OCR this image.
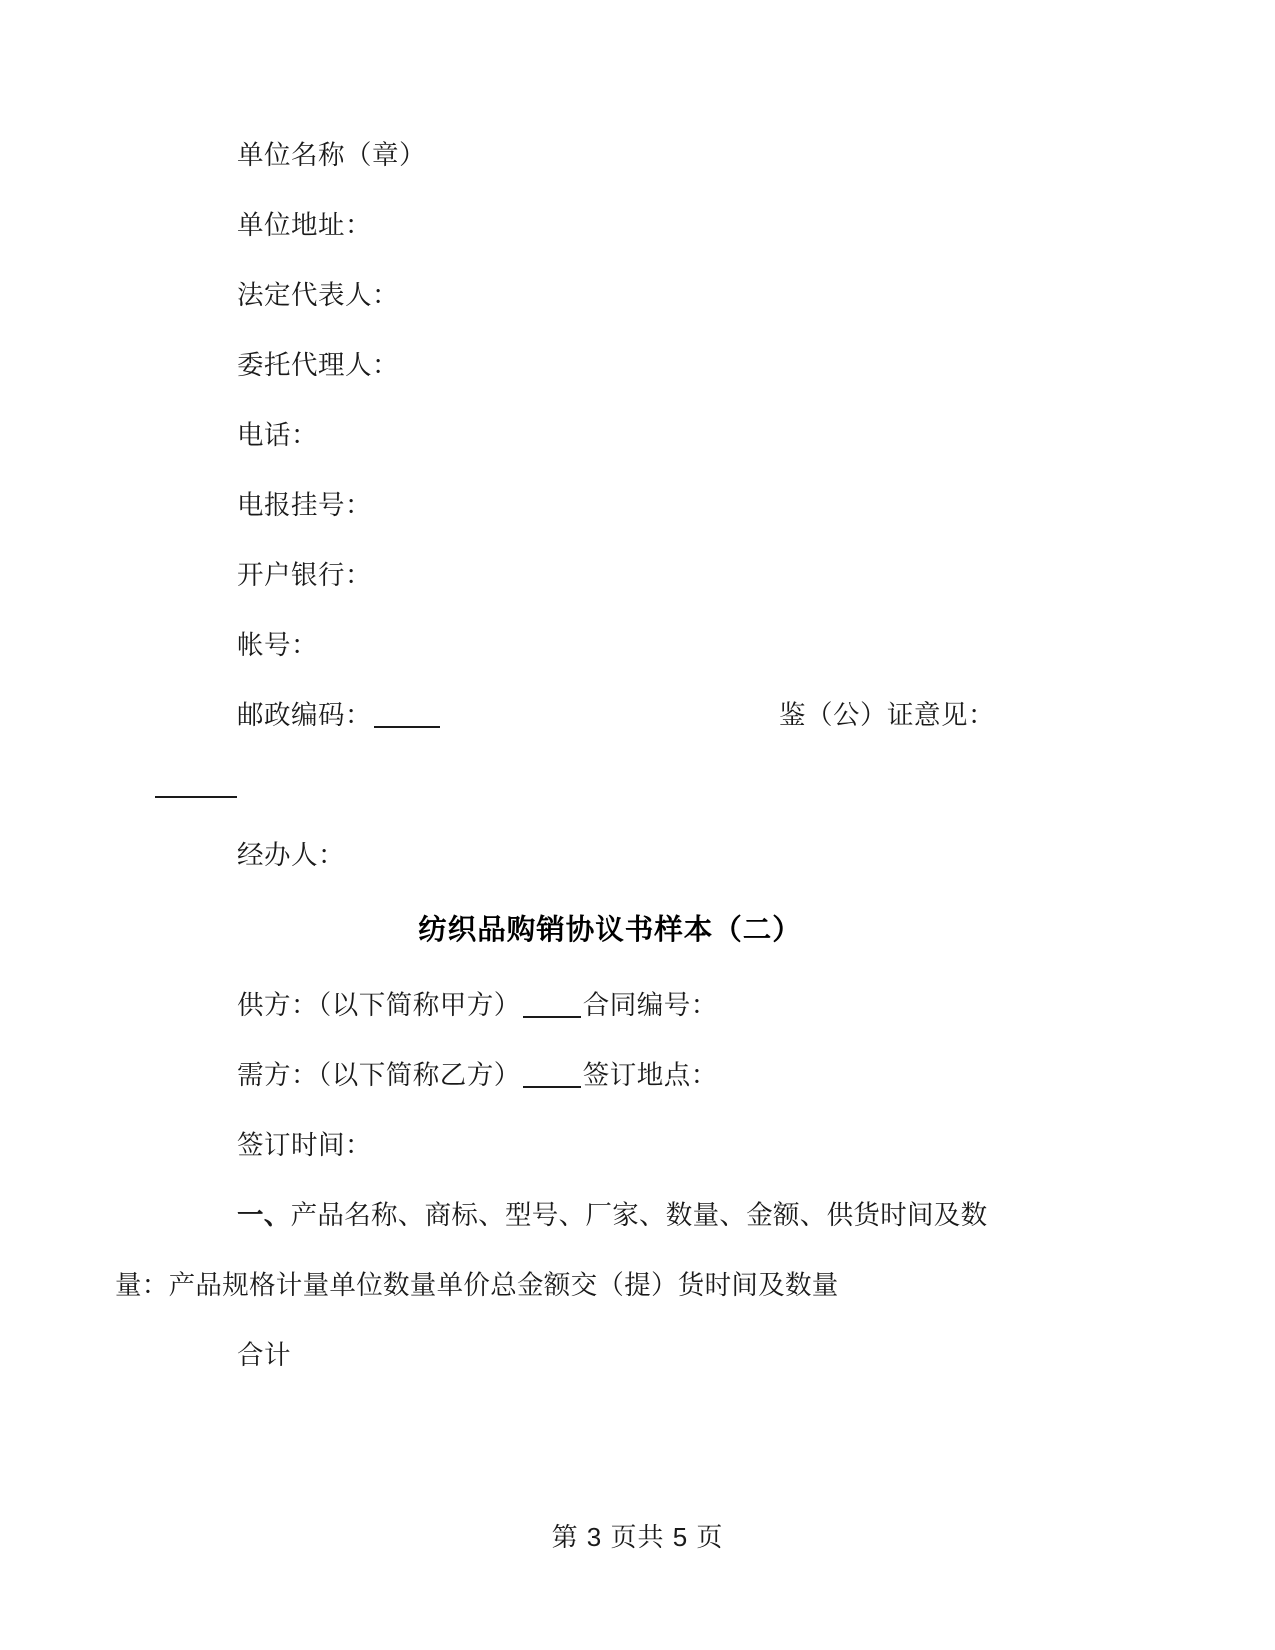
单位名称（章）
单位地址：
法定代表人：
委托代理人：
电话：
电报挂号：
开户银行：
帐号：
邮政编码：	鉴（公）证意见：
经办人：
纺织品购销协议书样本（二）
供方：（以下简称甲方） 合同编号：
需方：（以下简称乙方） 签订地点：
签订时间：
一、产品名称、商标、型号、厂家、数量、金额、供货时间及数
量：产品规格计量单位数量单价总金额交（提）货时间及数量
合计
第 3 页共 5 页
